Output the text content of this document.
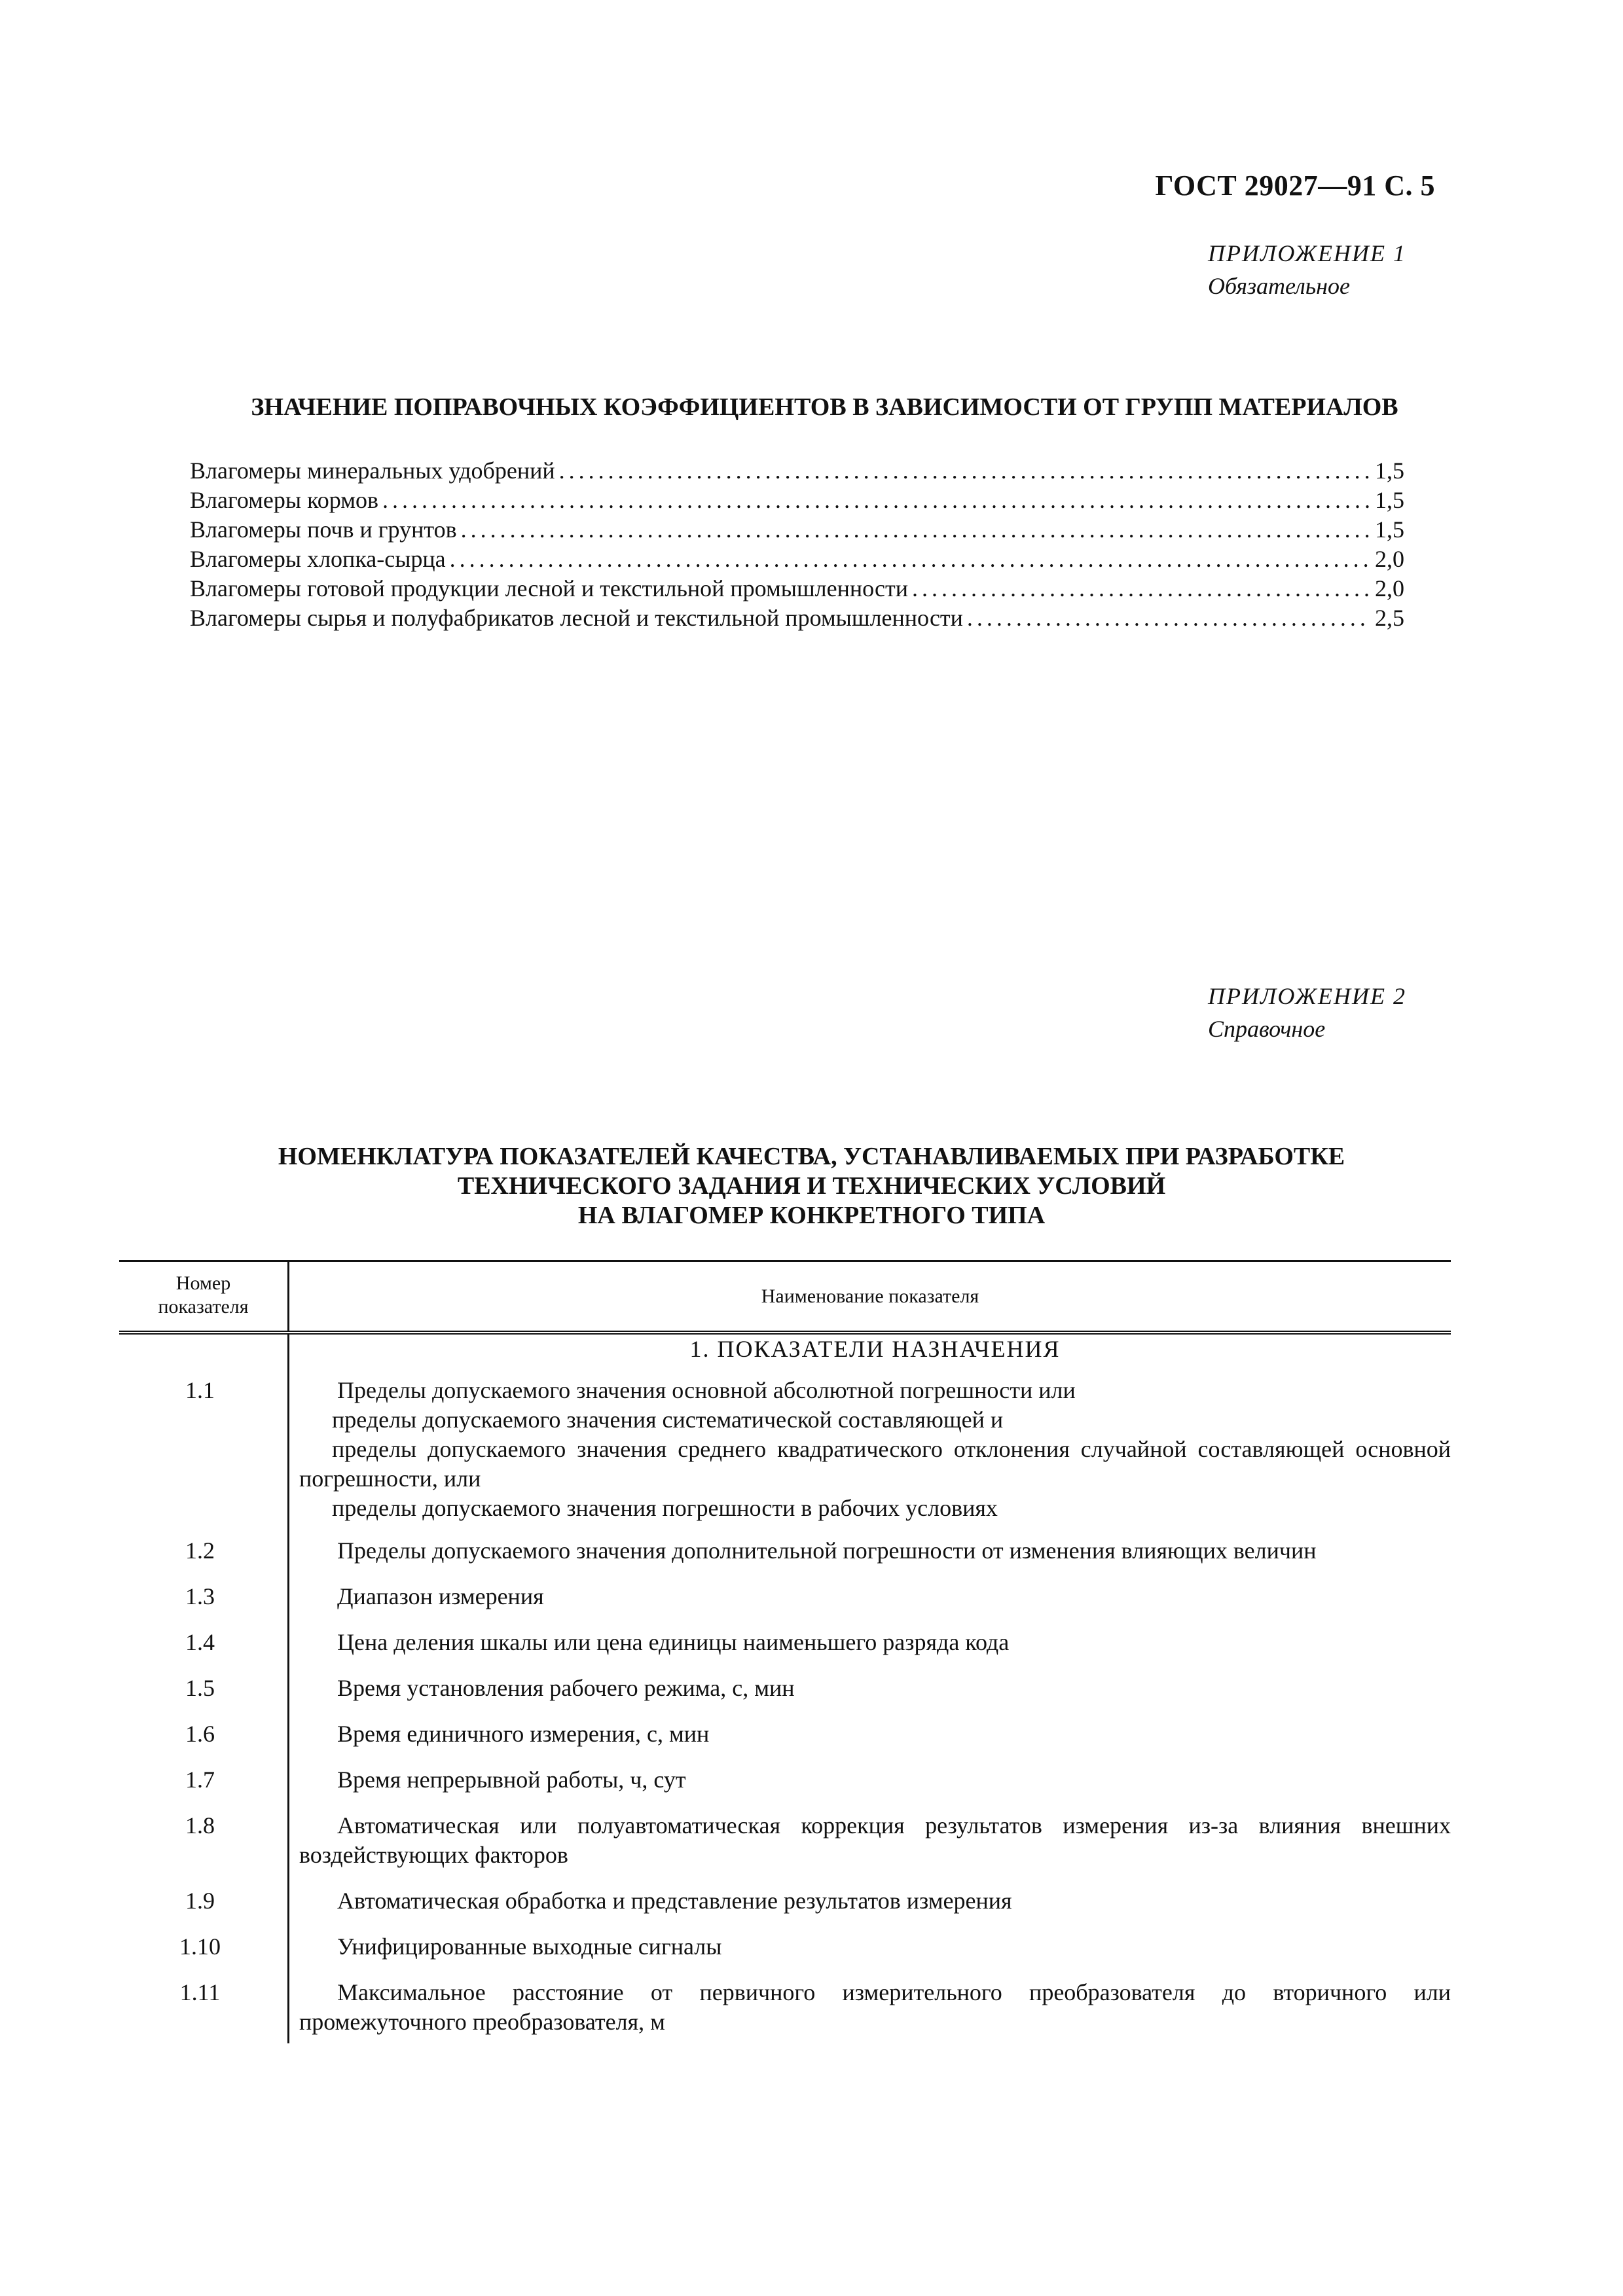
ГОСТ 29027—91 С. 5
ПРИЛОЖЕНИЕ 1
Обязательное
ЗНАЧЕНИЕ ПОПРАВОЧНЫХ КОЭФФИЦИЕНТОВ В ЗАВИСИМОСТИ ОТ ГРУПП МАТЕРИАЛОВ
Влагомеры минеральных удобрений .....	1,5
Влагомеры кормов .....	1,5
Влагомеры почв и грунтов .....	1,5
Влагомеры хлопка-сырца .....	2,0
Влагомеры готовой продукции лесной и текстильной промышленности .....	2,0
Влагомеры сырья и полуфабрикатов лесной и текстильной промышленности .....	2,5
ПРИЛОЖЕНИЕ 2
Справочное
НОМЕНКЛАТУРА ПОКАЗАТЕЛЕЙ КАЧЕСТВА, УСТАНАВЛИВАЕМЫХ ПРИ РАЗРАБОТКЕ
ТЕХНИЧЕСКОГО ЗАДАНИЯ И ТЕХНИЧЕСКИХ УСЛОВИЙ
НА ВЛАГОМЕР КОНКРЕТНОГО ТИПА
Номер
показателя	Наименование показателя
1. ПОКАЗАТЕЛИ НАЗНАЧЕНИЯ
1.1	Пределы допускаемого значения основной абсолютной погрешности или

пределы допускаемого значения систематической составляющей и

пределы допускаемого значения среднего квадратического отклонения случайной составляющей основной погрешности, или

пределы допускаемого значения погрешности в рабочих условиях

1.2	Пределы допускаемого значения дополнительной погрешности от изменения влияющих величин

1.3	Диапазон измерения

1.4	Цена деления шкалы или цена единицы наименьшего разряда кода

1.5	Время установления рабочего режима, с, мин

1.6	Время единичного измерения, с, мин

1.7	Время непрерывной работы, ч, сут

1.8	Автоматическая или полуавтоматическая коррекция результатов измерения из-за влияния внешних воздействующих факторов

1.9	Автоматическая обработка и представление результатов измерения

1.10	Унифицированные выходные сигналы

1.11	Максимальное расстояние от первичного измерительного преобразователя до вторичного или промежуточного преобразователя, м
